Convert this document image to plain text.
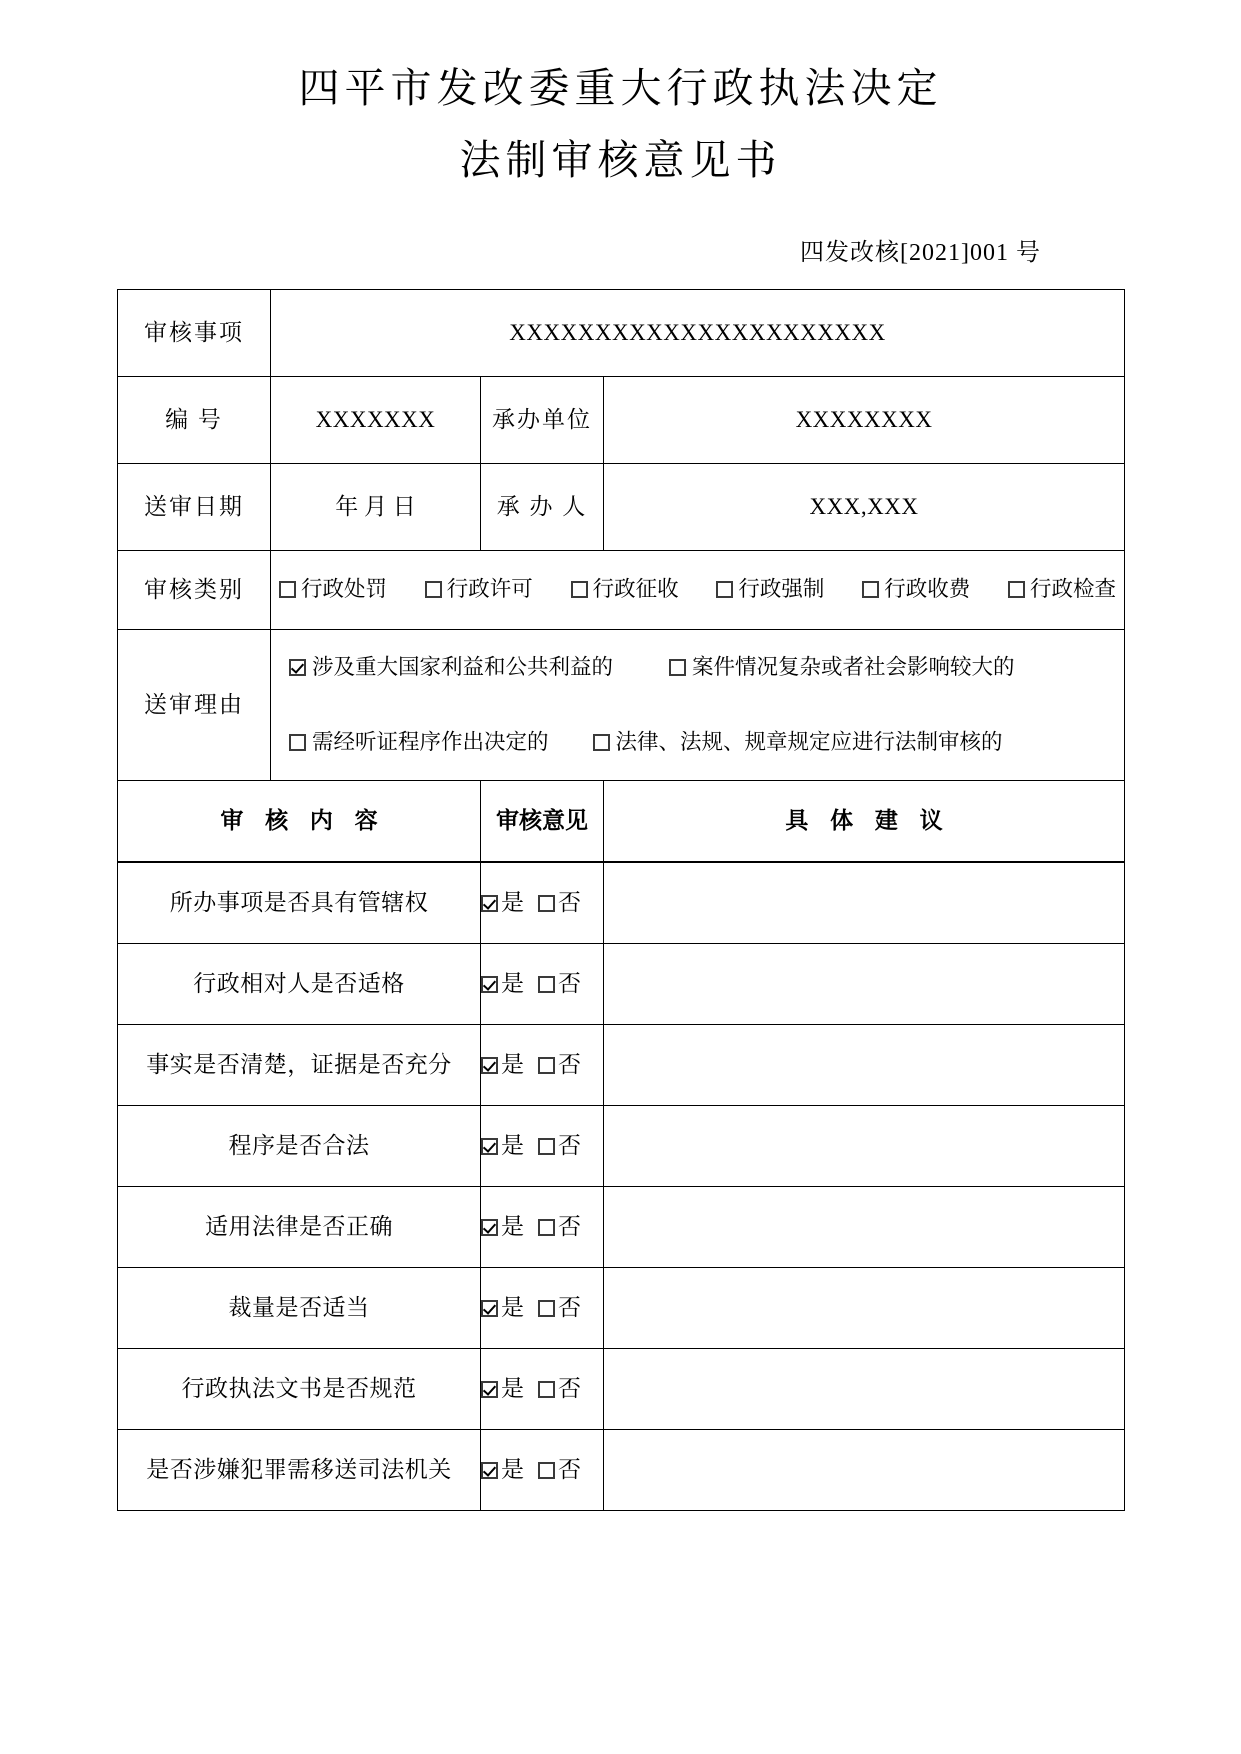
四平市发改委重大行政执法决定
法制审核意见书
四发改核[2021]001 号
审核事项	XXXXXXXXXXXXXXXXXXXXXX		
编 号	XXXXXXX	承办单位	XXXXXXXX
送审日期	年 月 日	承 办 人	XXX,XXX
审核类别	行政处罚	行政许可	行政征收	行政强制	行政收费	行政检查

送审理由	涉及重大国家利益和公共利益的 案件情况复杂或者社会影响较大的
需经听证程序作出决定的 法律、法规、规章规定应进行法制审核的		

审 核 内 容		审核意见	具 体 建 议
所办事项是否具有管辖权	是 否	
行政相对人是否适格	是 否	
事实是否清楚，证据是否充分	是 否	
程序是否合法	是 否	
适用法律是否正确	是 否	
裁量是否适当	是 否	
行政执法文书是否规范	是 否	
是否涉嫌犯罪需移送司法机关	是 否	
